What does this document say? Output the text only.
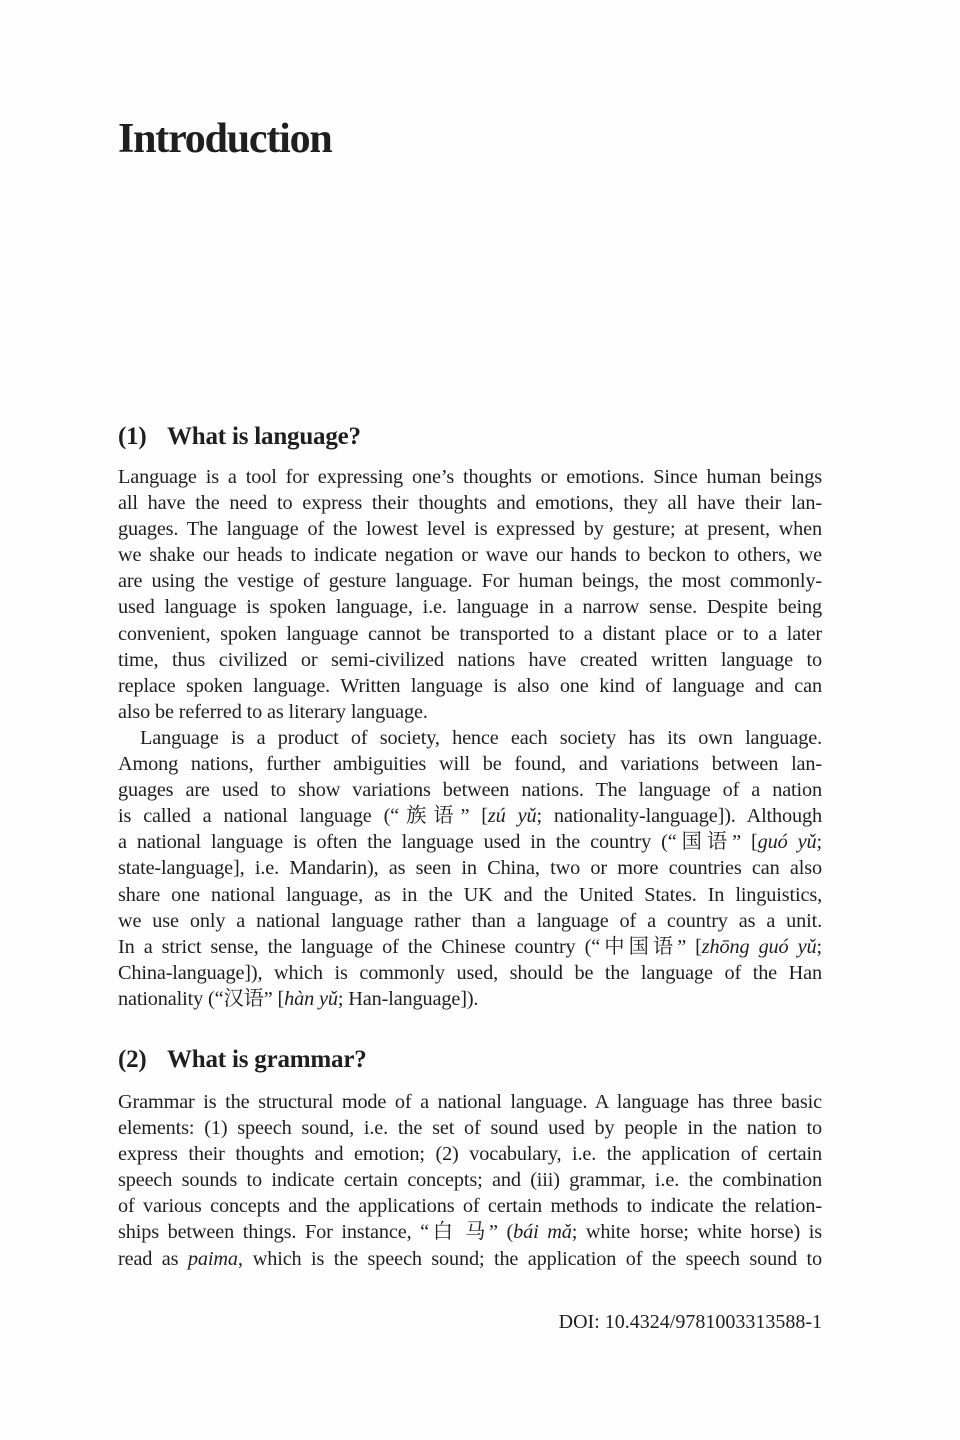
Introduction
(1) What is language?
Language is a tool for expressing one’s thoughts or emotions. Since human beings
all have the need to express their thoughts and emotions, they all have their lan-
guages. The language of the lowest level is expressed by gesture; at present, when
we shake our heads to indicate negation or wave our hands to beckon to others, we
are using the vestige of gesture language. For human beings, the most commonly-
used language is spoken language, i.e. language in a narrow sense. Despite being
convenient, spoken language cannot be transported to a distant place or to a later
time, thus civilized or semi-civilized nations have created written language to
replace spoken language. Written language is also one kind of language and can
also be referred to as literary language.
Language is a product of society, hence each society has its own language.
Among nations, further ambiguities will be found, and variations between lan-
guages are used to show variations between nations. The language of a nation
is called a national language (“族语” [zú yǔ; nationality-language]). Although
a national language is often the language used in the country (“国语” [guó yǔ;
state-language], i.e. Mandarin), as seen in China, two or more countries can also
share one national language, as in the UK and the United States. In linguistics,
we use only a national language rather than a language of a country as a unit.
In a strict sense, the language of the Chinese country (“中国语” [zhōng guó yǔ;
China-language]), which is commonly used, should be the language of the Han
nationality (“汉语” [hàn yǔ; Han-language]).
(2) What is grammar?
Grammar is the structural mode of a national language. A language has three basic
elements: (1) speech sound, i.e. the set of sound used by people in the nation to
express their thoughts and emotion; (2) vocabulary, i.e. the application of certain
speech sounds to indicate certain concepts; and (iii) grammar, i.e. the combination
of various concepts and the applications of certain methods to indicate the relation-
ships between things. For instance, “白 马” (bái mǎ; white horse; white horse) is
read as paima, which is the speech sound; the application of the speech sound to
DOI: 10.4324/9781003313588-1
